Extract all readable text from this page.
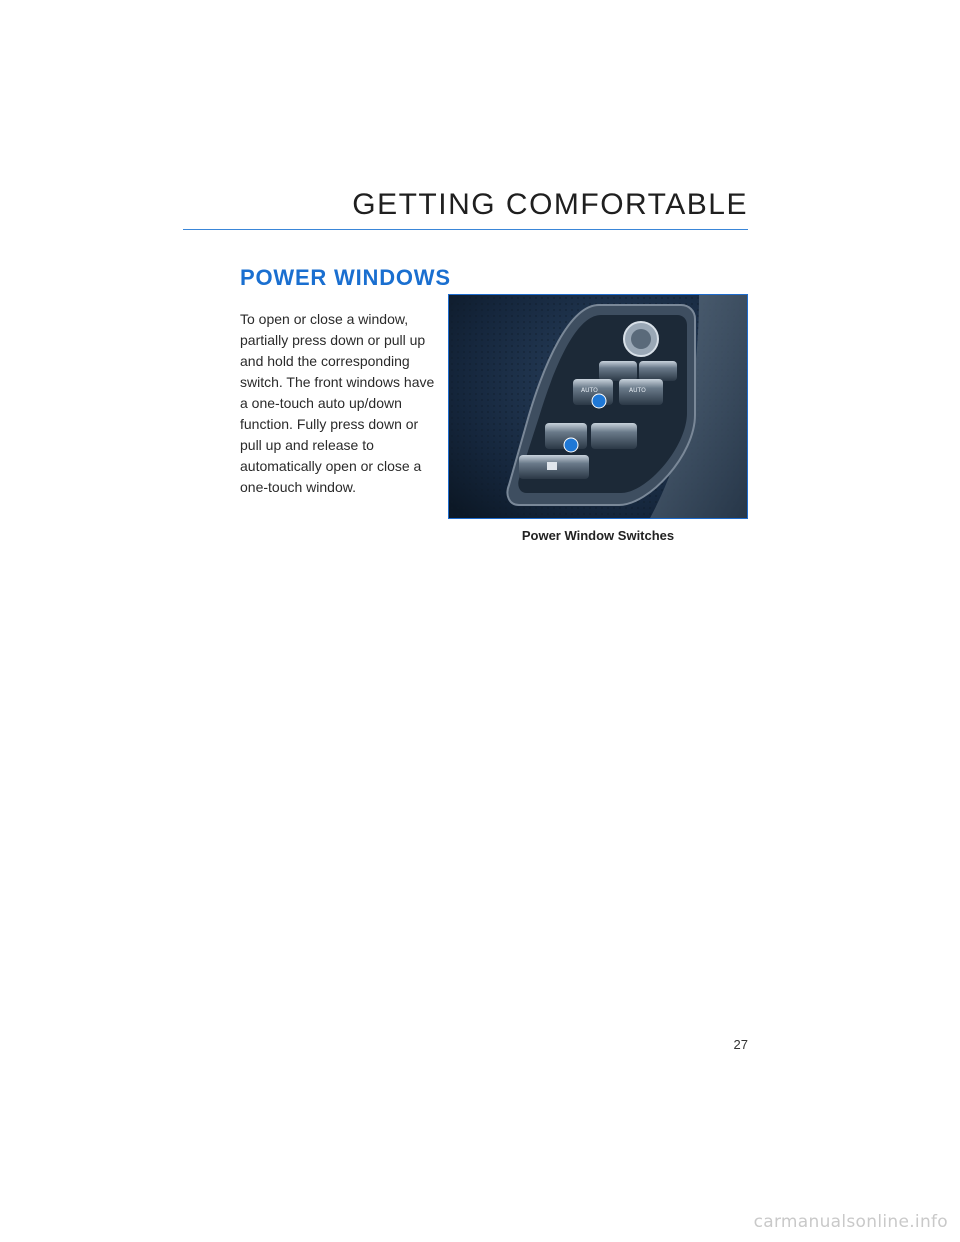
GETTING COMFORTABLE
POWER WINDOWS

To open or close a window, partially press down or pull up and hold the corresponding switch. The front windows have a one-touch auto up/down function. Fully press down or pull up and release to automatically open or close a one-touch window.

AUTO	AUTO
Power Window Switches
27
carmanualsonline.info
